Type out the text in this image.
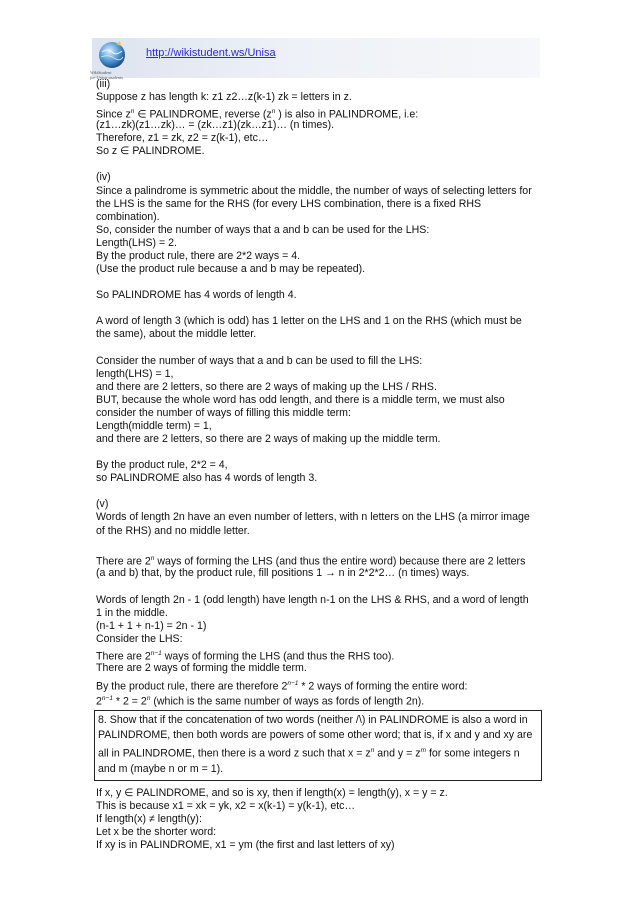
WikiStudent
for Unisa students
http://wikistudent.ws/Unisa
(iii)
Suppose z has length k: z1 z2…z(k-1) zk = letters in z.
Since $z^n$ ∈ PALINDROME, reverse ($z^n$ ) is also in PALINDROME, i.e:
(z1…zk)(z1…zk)… = (zk…z1)(zk…z1)… (n times).
Therefore, z1 = zk, z2 = z(k-1), etc…
So z ∈ PALINDROME.
(iv)
Since a palindrome is symmetric about the middle, the number of ways of selecting letters for
the LHS is the same for the RHS (for every LHS combination, there is a fixed RHS
combination).
So, consider the number of ways that a and b can be used for the LHS:
Length(LHS) = 2.
By the product rule, there are 2*2 ways = 4.
(Use the product rule because a and b may be repeated).
So PALINDROME has 4 words of length 4.
A word of length 3 (which is odd) has 1 letter on the LHS and 1 on the RHS (which must be
the same), about the middle letter.
Consider the number of ways that a and b can be used to fill the LHS:
length(LHS) = 1,
and there are 2 letters, so there are 2 ways of making up the LHS / RHS.
BUT, because the whole word has odd length, and there is a middle term, we must also
consider the number of ways of filling this middle term:
Length(middle term) = 1,
and there are 2 letters, so there are 2 ways of making up the middle term.
By the product rule, 2*2 = 4,
so PALINDROME also has 4 words of length 3.
(v)
Words of length 2n have an even number of letters, with n letters on the LHS (a mirror image
of the RHS) and no middle letter.
There are 2$^n$ ways of forming the LHS (and thus the entire word) because there are 2 letters
(a and b) that, by the product rule, fill positions 1 → n in 2*2*2… (n times) ways.
Words of length 2n - 1 (odd length) have length n-1 on the LHS & RHS, and a word of length
1 in the middle.
(n-1 + 1 + n-1) = 2n - 1)
Consider the LHS:
There are $2^{n-1}$ ways of forming the LHS (and thus the RHS too).
There are 2 ways of forming the middle term.
By the product rule, there are therefore $2^{n-1} * 2$ ways of forming the entire word:
$2^{n-1} * 2 = 2^n$ (which is the same number of ways as fords of length 2n).
8. Show that if the concatenation of two words (neither /\) in PALINDROME is also a word in
PALINDROME, then both words are powers of some other word; that is, if x and y and xy are
all in PALINDROME, then there is a word z such that $x = z^n$ and $y = z^m$ for some integers n
and m (maybe n or m = 1).
If x, y ∈ PALINDROME, and so is xy, then if length(x) = length(y), x = y = z.
This is because x1 = xk = yk, x2 = x(k-1) = y(k-1), etc…
If length(x) ≠ length(y):
Let x be the shorter word:
If xy is in PALINDROME, x1 = ym (the first and last letters of xy)
